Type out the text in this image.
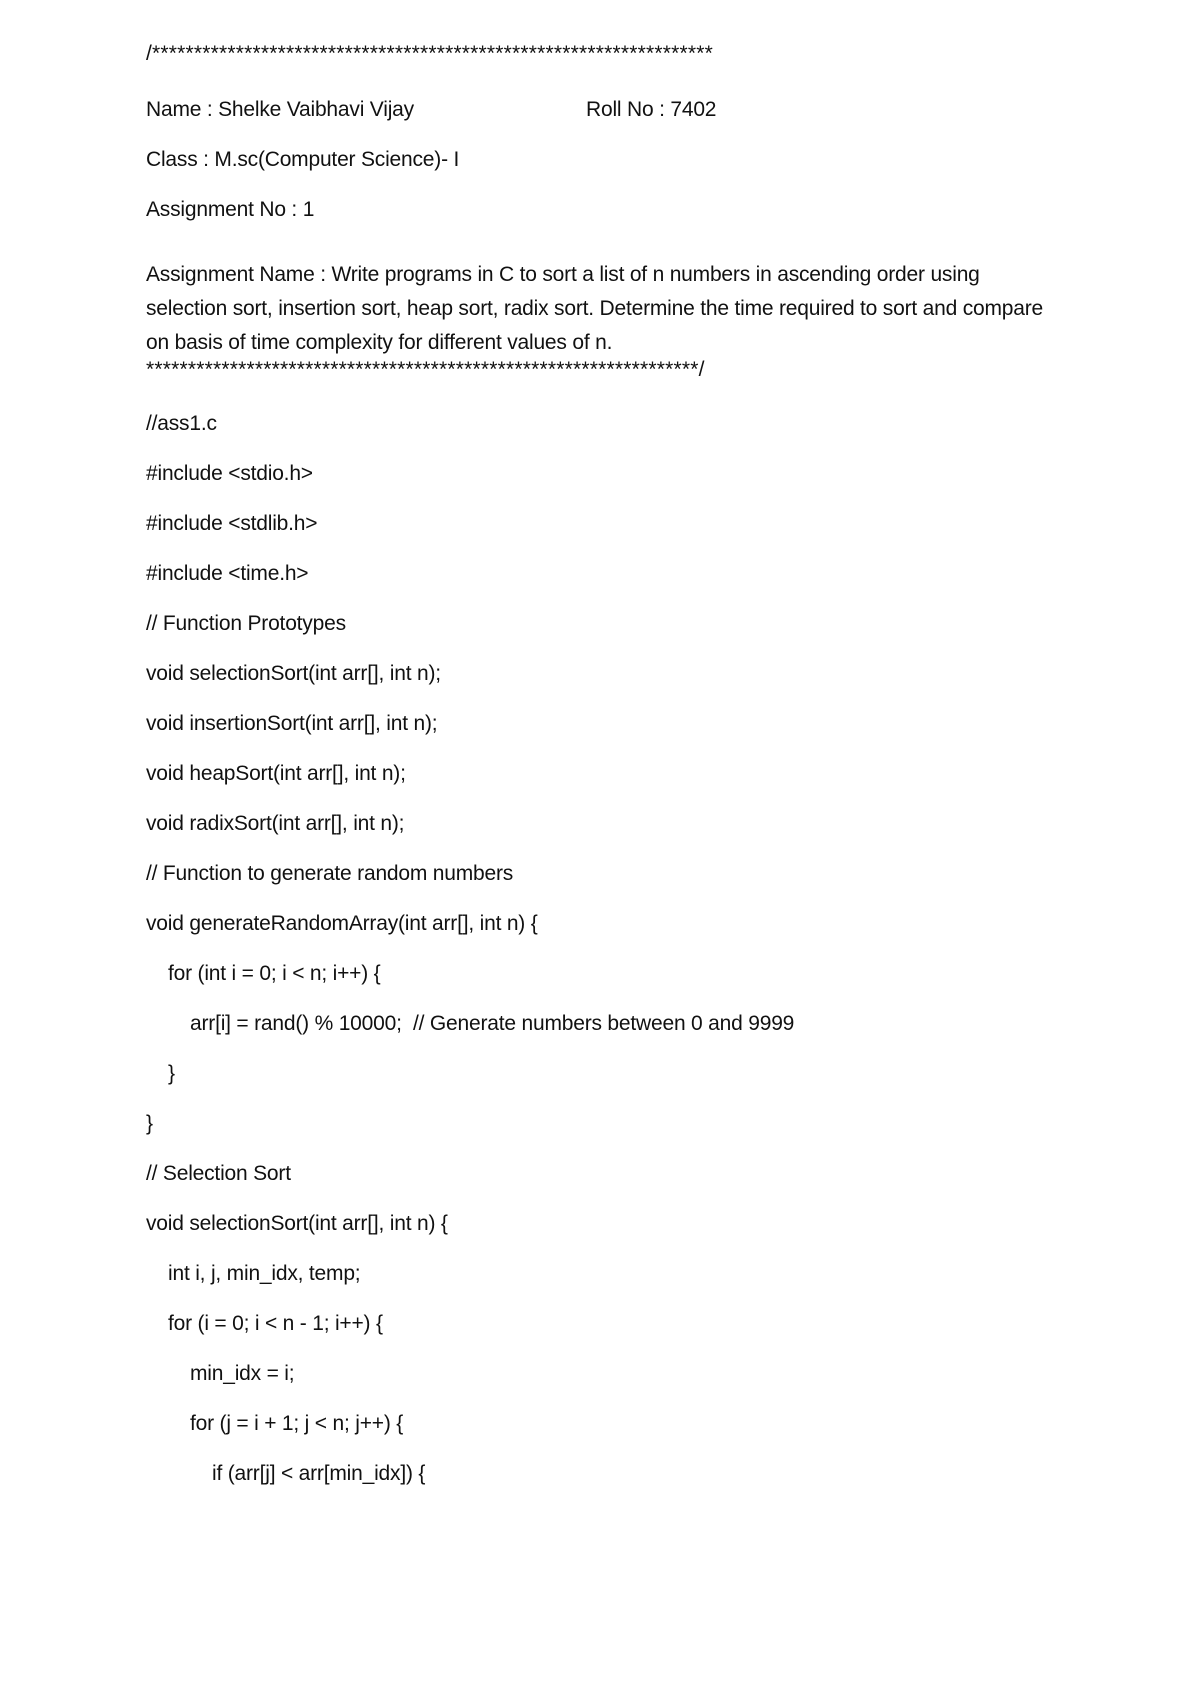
/*******************************************************************
Name : Shelke Vaibhavi Vijay	Roll No : 7402
Class : M.sc(Computer Science)- I
Assignment No : 1
Assignment Name : Write programs in C to sort a list of n numbers in ascending order using selection sort, insertion sort, heap sort, radix sort. Determine the time required to sort and compare on basis of time complexity for different values of n.
******************************************************************/
//ass1.c
#include <stdio.h>
#include <stdlib.h>
#include <time.h>
// Function Prototypes
void selectionSort(int arr[], int n);
void insertionSort(int arr[], int n);
void heapSort(int arr[], int n);
void radixSort(int arr[], int n);
// Function to generate random numbers
void generateRandomArray(int arr[], int n) {
for (int i = 0; i < n; i++) {
arr[i] = rand() % 10000;  // Generate numbers between 0 and 9999
}
}
// Selection Sort
void selectionSort(int arr[], int n) {
int i, j, min_idx, temp;
for (i = 0; i < n - 1; i++) {
min_idx = i;
for (j = i + 1; j < n; j++) {
if (arr[j] < arr[min_idx]) {
